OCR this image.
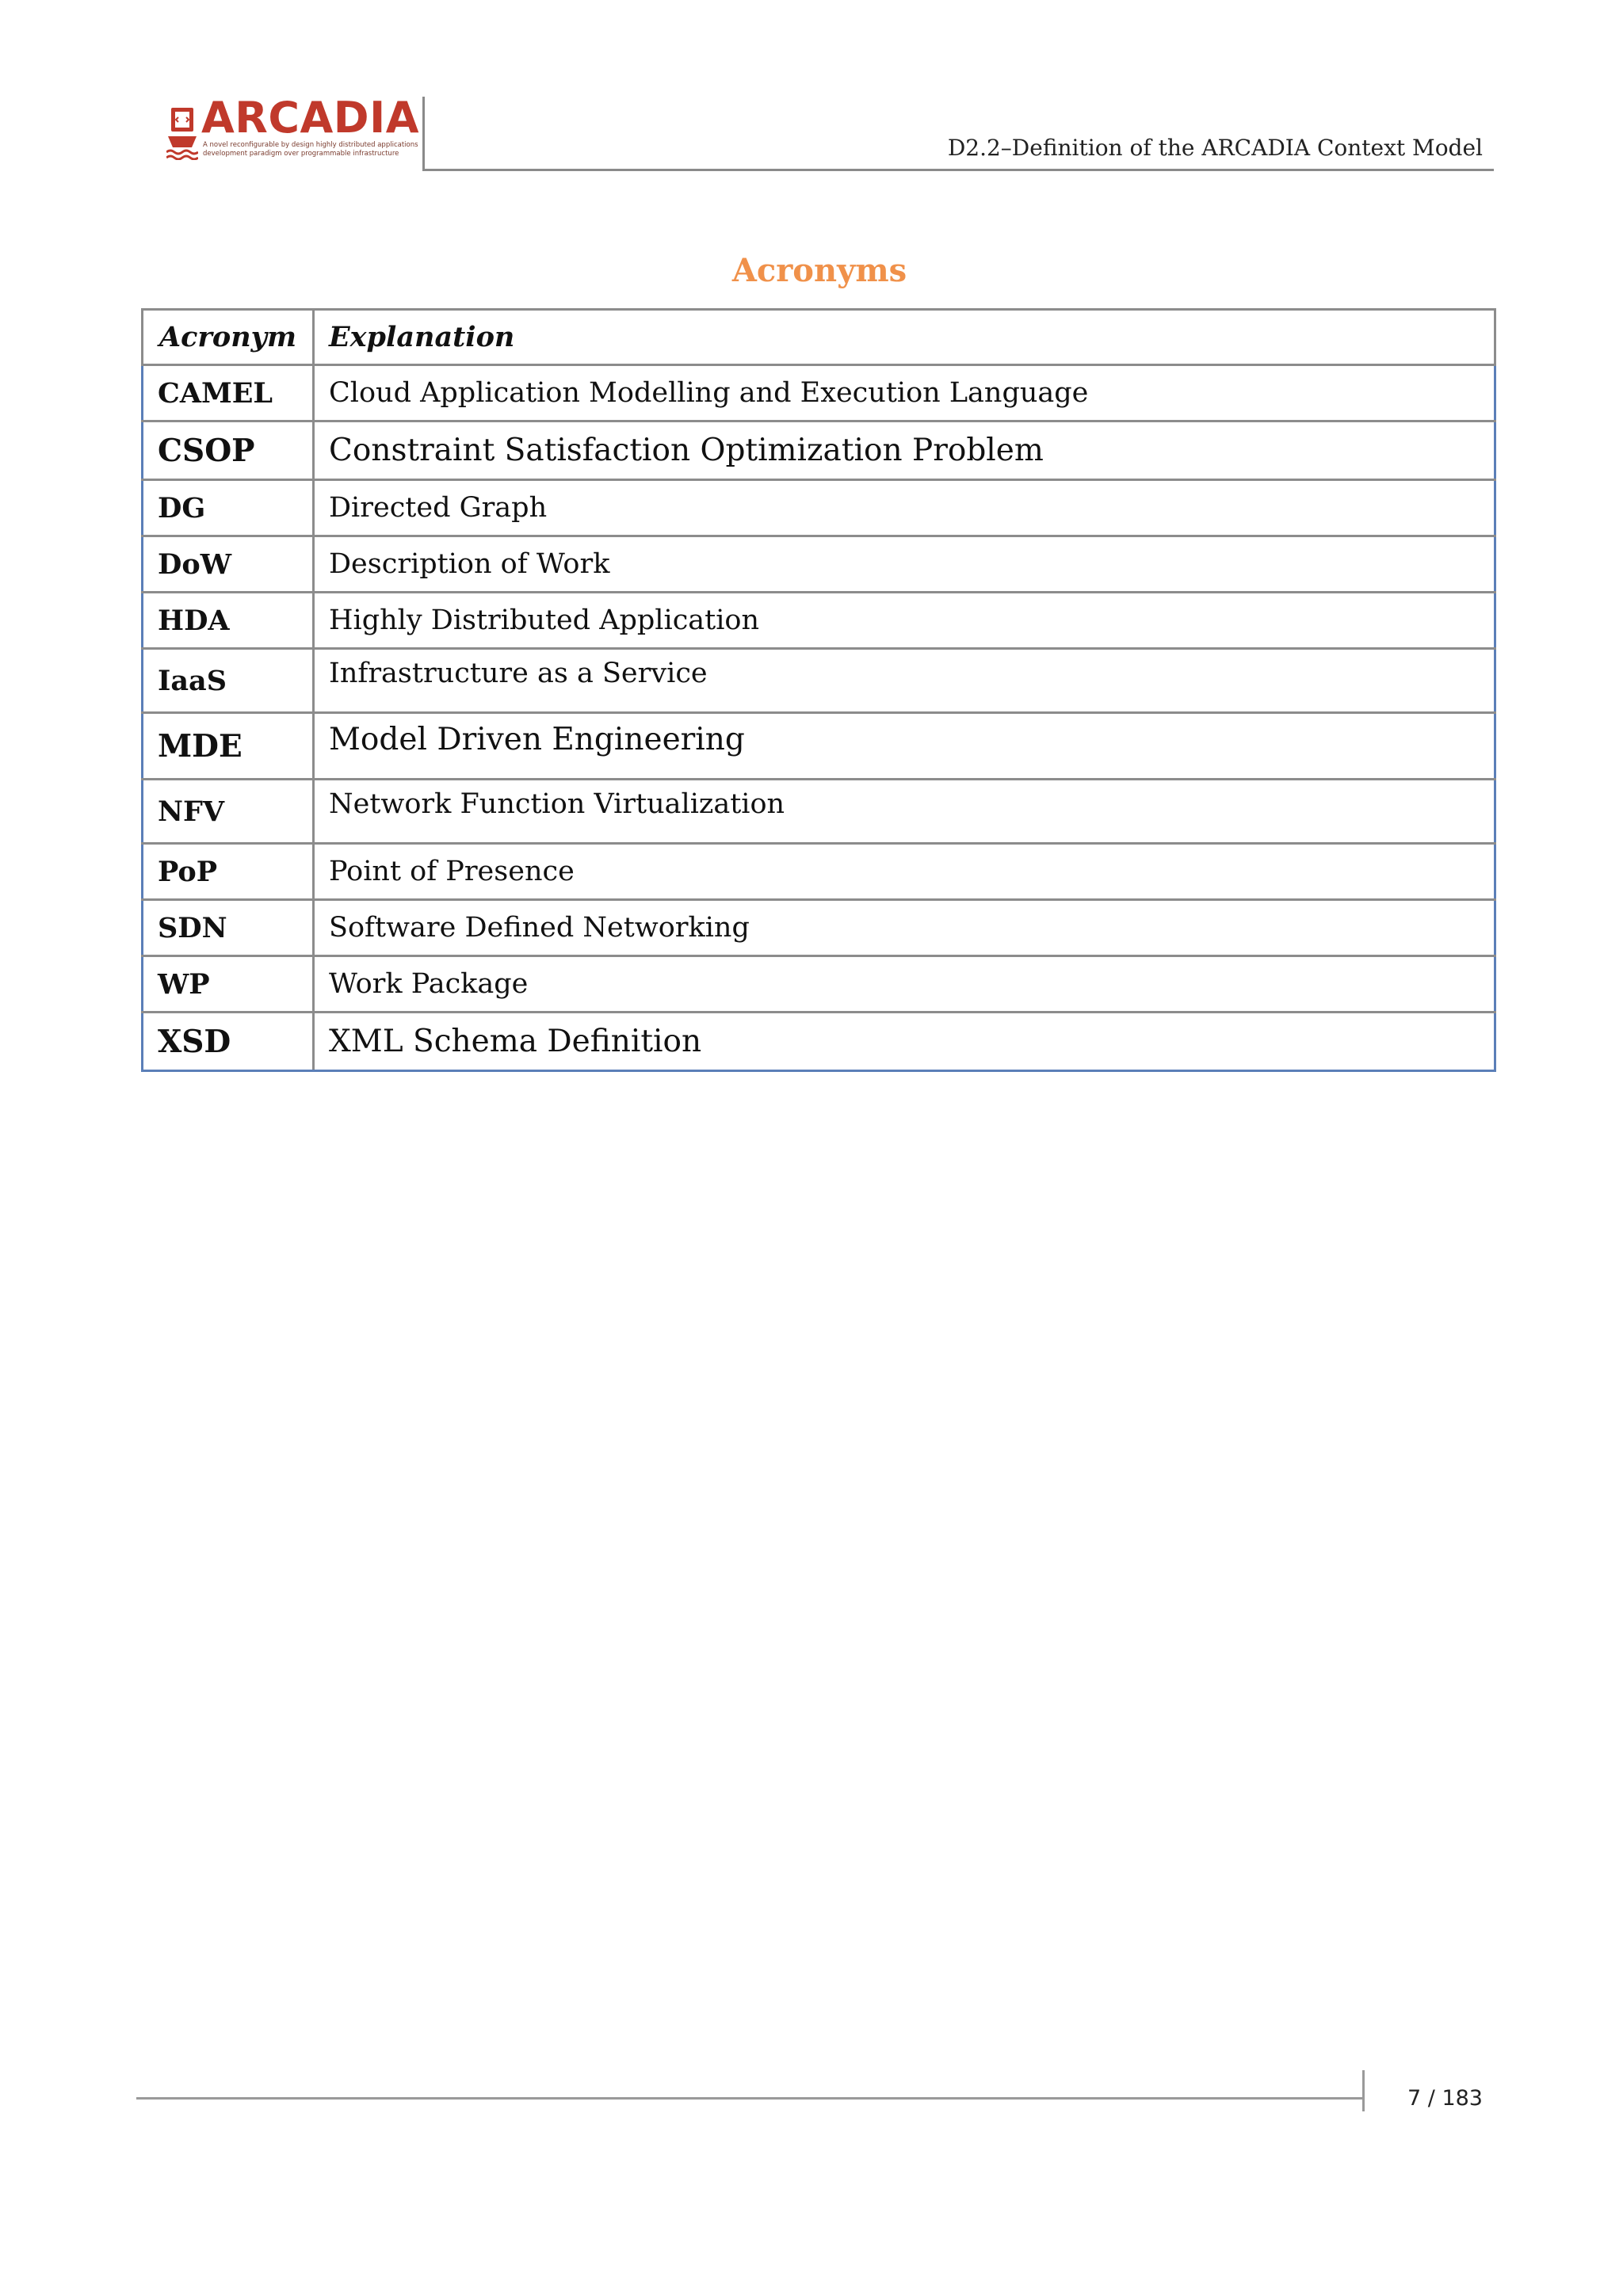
ARCADIA
A novel reconfigurable by design highly distributed applications
development paradigm over programmable infrastructure	D2.2–Definition of the ARCADIA Context Model
Acronyms
Acronym	Explanation
CAMEL	Cloud Application Modelling and Execution Language
CSOP	Constraint Satisfaction Optimization Problem
DG	Directed Graph
DoW	Description of Work
HDA	Highly Distributed Application
IaaS	Infrastructure as a Service
MDE	Model Driven Engineering
NFV	Network Function Virtualization
PoP	Point of Presence
SDN	Software Defined Networking
WP	Work Package
XSD	XML Schema Definition
7 / 183
